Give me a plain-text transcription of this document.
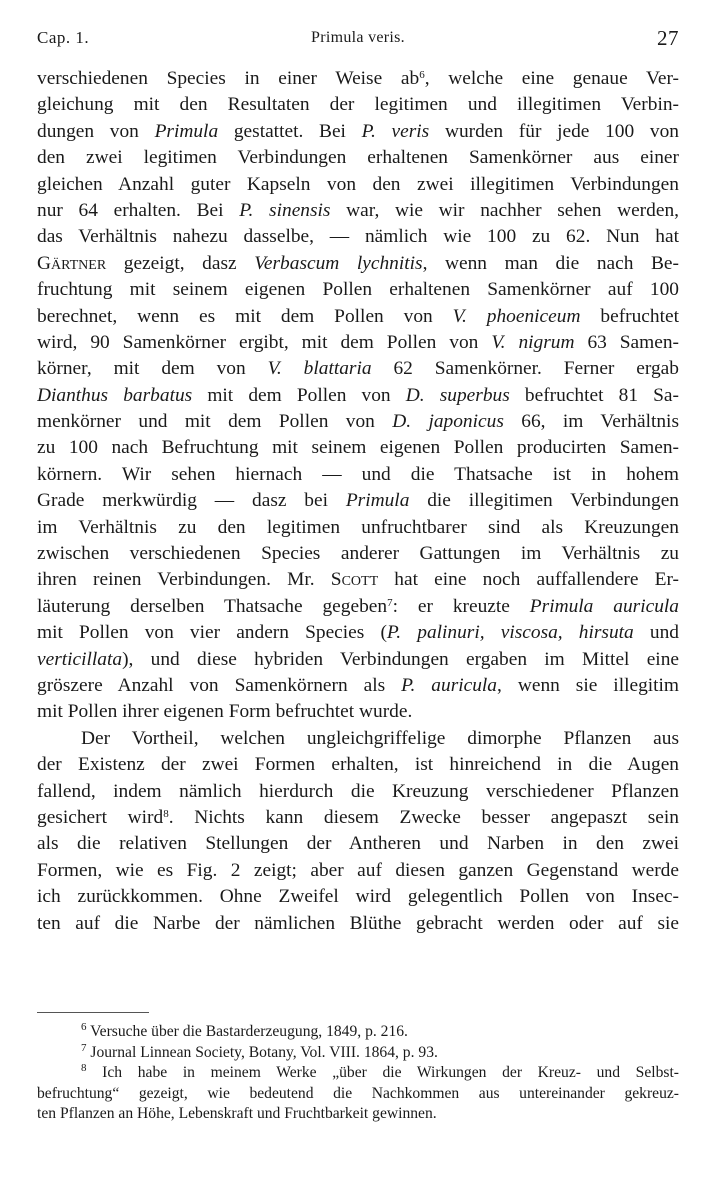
Cap. 1.	Primula veris.	27
verschiedenen Species in einer Weise $ab^6$, welche eine genaue Ver-
gleichung mit den Resultaten der legitimen und illegitimen Verbin-
dungen von Primula gestattet. Bei P. veris wurden für jede 100 von
den zwei legitimen Verbindungen erhaltenen Samenkörner aus einer
gleichen Anzahl guter Kapseln von den zwei illegitimen Verbindungen
nur 64 erhalten. Bei P. sinensis war, wie wir nachher sehen werden,
das Verhältnis nahezu dasselbe, — nämlich wie 100 zu 62. Nun hat
Gärtner gezeigt, dasz Verbascum lychnitis, wenn man die nach Be-
fruchtung mit seinem eigenen Pollen erhaltenen Samenkörner auf 100
berechnet, wenn es mit dem Pollen von V. phoeniceum befruchtet
wird, 90 Samenkörner ergibt, mit dem Pollen von V. nigrum 63 Samen-
körner, mit dem von V. blattaria 62 Samenkörner. Ferner ergab
Dianthus barbatus mit dem Pollen von D. superbus befruchtet 81 Sa-
menkörner und mit dem Pollen von D. japonicus 66, im Verhältnis
zu 100 nach Befruchtung mit seinem eigenen Pollen producirten Samen-
körnern. Wir sehen hiernach — und die Thatsache ist in hohem
Grade merkwürdig — dasz bei Primula die illegitimen Verbindungen
im Verhältnis zu den legitimen unfruchtbarer sind als Kreuzungen
zwischen verschiedenen Species anderer Gattungen im Verhältnis zu
ihren reinen Verbindungen. Mr. Scott hat eine noch auffallendere Er-
läuterung derselben Thatsache gegeben$^7$: er kreuzte Primula auricula
mit Pollen von vier andern Species (P. palinuri, viscosa, hirsuta und
verticillata), und diese hybriden Verbindungen ergaben im Mittel eine
gröszere Anzahl von Samenkörnern als P. auricula, wenn sie illegitim
mit Pollen ihrer eigenen Form befruchtet wurde.
Der Vortheil, welchen ungleichgriffelige dimorphe Pflanzen aus
der Existenz der zwei Formen erhalten, ist hinreichend in die Augen
fallend, indem nämlich hierdurch die Kreuzung verschiedener Pflanzen
gesichert wird$^8$. Nichts kann diesem Zwecke besser angepaszt sein
als die relativen Stellungen der Antheren und Narben in den zwei
Formen, wie es Fig. 2 zeigt; aber auf diesen ganzen Gegenstand werde
ich zurückkommen. Ohne Zweifel wird gelegentlich Pollen von Insec-
ten auf die Narbe der nämlichen Blüthe gebracht werden oder auf sie
$^6$ Versuche über die Bastarderzeugung, 1849, p. 216.
$^7$ Journal Linnean Society, Botany, Vol. VIII. 1864, p. 93.
$^8$ Ich habe in meinem Werke „über die Wirkungen der Kreuz- und Selbst-
befruchtung“ gezeigt, wie bedeutend die Nachkommen aus untereinander gekreuz-
ten Pflanzen an Höhe, Lebenskraft und Fruchtbarkeit gewinnen.
